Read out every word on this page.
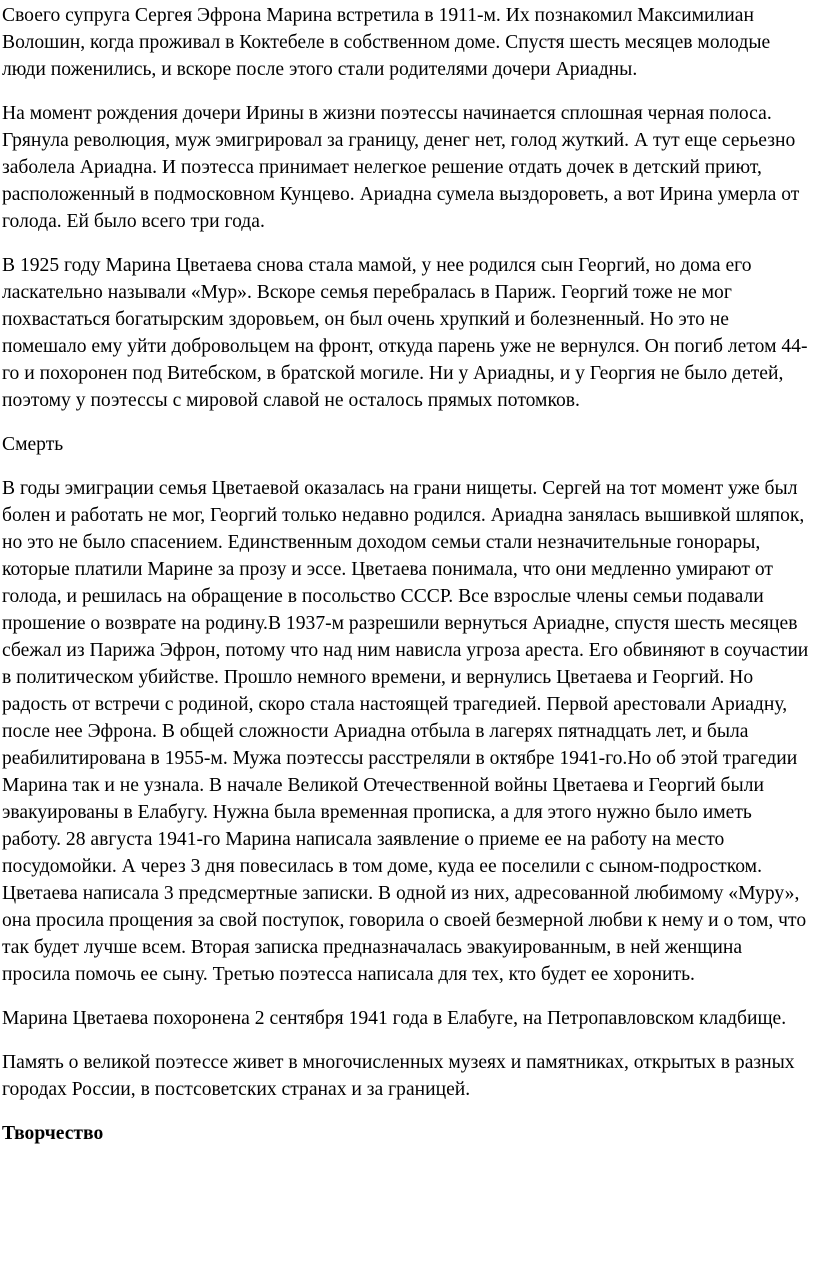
Своего супруга Сергея Эфрона Марина встретила в 1911-м. Их познакомил Максимилиан Волошин, когда проживал в Коктебеле в собственном доме. Спустя шесть месяцев молодые люди поженились, и вскоре после этого стали родителями дочери Ариадны.

На момент рождения дочери Ирины в жизни поэтессы начинается сплошная черная полоса. Грянула революция, муж эмигрировал за границу, денег нет, голод жуткий. А тут еще серьезно заболела Ариадна. И поэтесса принимает нелегкое решение отдать дочек в детский приют, расположенный в подмосковном Кунцево. Ариадна сумела выздороветь, а вот Ирина умерла от голода. Ей было всего три года.

В 1925 году Марина Цветаева снова стала мамой, у нее родился сын Георгий, но дома его ласкательно называли «Мур». Вскоре семья перебралась в Париж. Георгий тоже не мог похвастаться богатырским здоровьем, он был очень хрупкий и болезненный. Но это не помешало ему уйти добровольцем на фронт, откуда парень уже не вернулся. Он погиб летом 44-го и похоронен под Витебском, в братской могиле. Ни у Ариадны, и у Георгия не было детей, поэтому у поэтессы с мировой славой не осталось прямых потомков.

Смерть

В годы эмиграции семья Цветаевой оказалась на грани нищеты. Сергей на тот момент уже был болен и работать не мог, Георгий только недавно родился. Ариадна занялась вышивкой шляпок, но это не было спасением. Единственным доходом семьи стали незначительные гонорары, которые платили Марине за прозу и эссе. Цветаева понимала, что они медленно умирают от голода, и решилась на обращение в посольство СССР. Все взрослые члены семьи подавали прошение о возврате на родину.В 1937-м разрешили вернуться Ариадне, спустя шесть месяцев сбежал из Парижа Эфрон, потому что над ним нависла угроза ареста. Его обвиняют в соучастии в политическом убийстве. Прошло немного времени, и вернулись Цветаева и Георгий. Но радость от встречи с родиной, скоро стала настоящей трагедией. Первой арестовали Ариадну, после нее Эфрона. В общей сложности Ариадна отбыла в лагерях пятнадцать лет, и была реабилитирована в 1955-м. Мужа поэтессы расстреляли в октябре 1941-го.Но об этой трагедии Марина так и не узнала. В начале Великой Отечественной войны Цветаева и Георгий были эвакуированы в Елабугу. Нужна была временная прописка, а для этого нужно было иметь работу. 28 августа 1941-го Марина написала заявление о приеме ее на работу на место посудомойки. А через 3 дня повесилась в том доме, куда ее поселили с сыном-подростком. Цветаева написала 3 предсмертные записки. В одной из них, адресованной любимому «Муру», она просила прощения за свой поступок, говорила о своей безмерной любви к нему и о том, что так будет лучше всем. Вторая записка предназначалась эвакуированным, в ней женщина просила помочь ее сыну. Третью поэтесса написала для тех, кто будет ее хоронить.

Марина Цветаева похоронена 2 сентября 1941 года в Елабуге, на Петропавловском кладбище.

Память о великой поэтессе живет в многочисленных музеях и памятниках, открытых в разных городах России, в постсоветских странах и за границей.

Творчество
